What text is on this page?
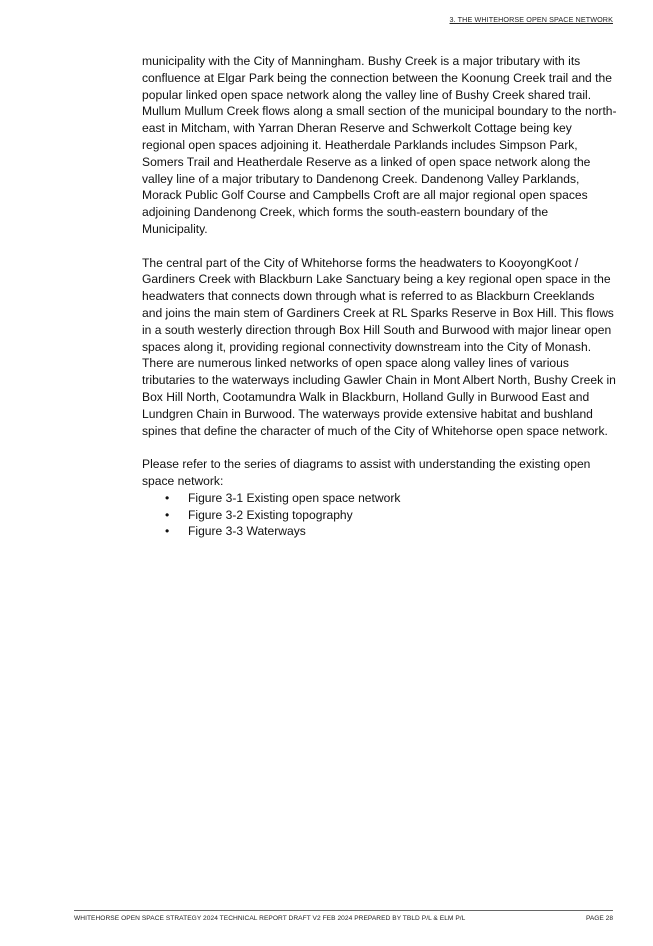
3. THE WHITEHORSE OPEN SPACE NETWORK

municipality with the City of Manningham. Bushy Creek is a major tributary with its confluence at Elgar Park being the connection between the Koonung Creek trail and the popular linked open space network along the valley line of Bushy Creek shared trail. Mullum Mullum Creek flows along a small section of the municipal boundary to the north-east in Mitcham, with Yarran Dheran Reserve and Schwerkolt Cottage being key regional open spaces adjoining it. Heatherdale Parklands includes Simpson Park, Somers Trail and Heatherdale Reserve as a linked of open space network along the valley line of a major tributary to Dandenong Creek. Dandenong Valley Parklands, Morack Public Golf Course and Campbells Croft are all major regional open spaces adjoining Dandenong Creek, which forms the south-eastern boundary of the Municipality.

The central part of the City of Whitehorse forms the headwaters to KooyongKoot / Gardiners Creek with Blackburn Lake Sanctuary being a key regional open space in the headwaters that connects down through what is referred to as Blackburn Creeklands and joins the main stem of Gardiners Creek at RL Sparks Reserve in Box Hill. This flows in a south westerly direction through Box Hill South and Burwood with major linear open spaces along it, providing regional connectivity downstream into the City of Monash. There are numerous linked networks of open space along valley lines of various tributaries to the waterways including Gawler Chain in Mont Albert North, Bushy Creek in Box Hill North, Cootamundra Walk in Blackburn, Holland Gully in Burwood East and Lundgren Chain in Burwood. The waterways provide extensive habitat and bushland spines that define the character of much of the City of Whitehorse open space network.

Please refer to the series of diagrams to assist with understanding the existing open space network:

• Figure 3-1 Existing open space network
• Figure 3-2 Existing topography
• Figure 3-3 Waterways
WHITEHORSE OPEN SPACE STRATEGY 2024 TECHNICAL REPORT DRAFT V2 FEB 2024 PREPARED BY TBLD P/L & ELM P/L	PAGE 28
